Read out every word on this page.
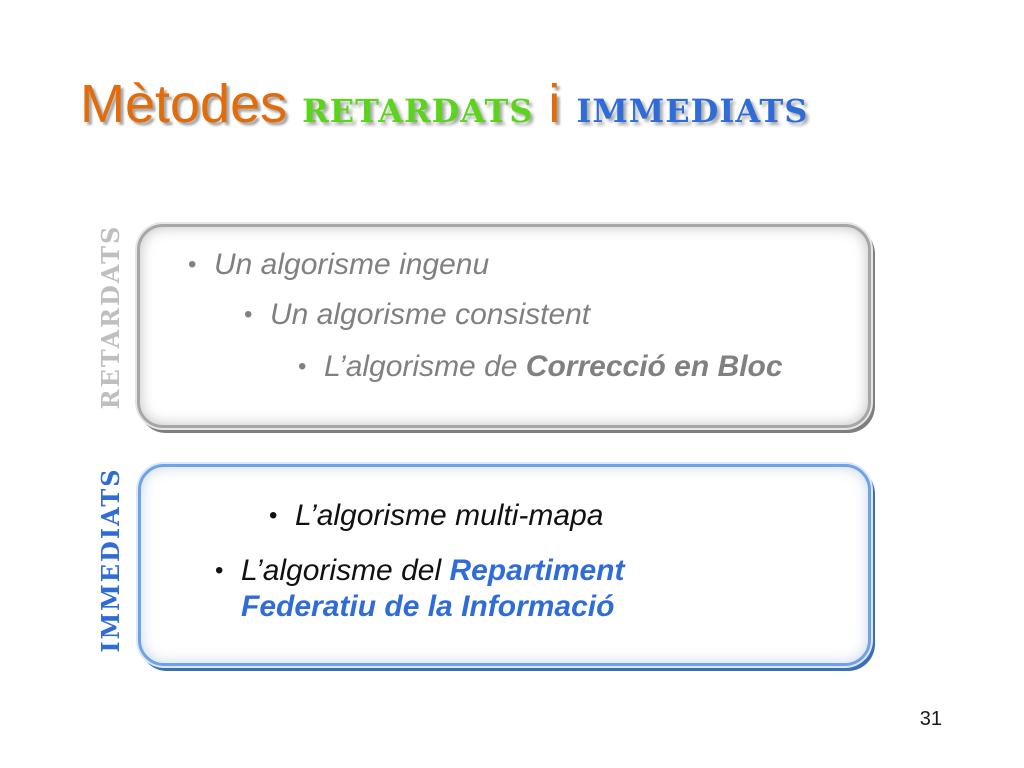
Mètodes retardats i immediats
retardats
immediats

• Un algorisme ingenu

• Un algorisme consistent

• L’algorisme de Correcció en Bloc

• L’algorisme multi-mapa

• L’algorisme del Repartiment Federatiu de la Informació

31
